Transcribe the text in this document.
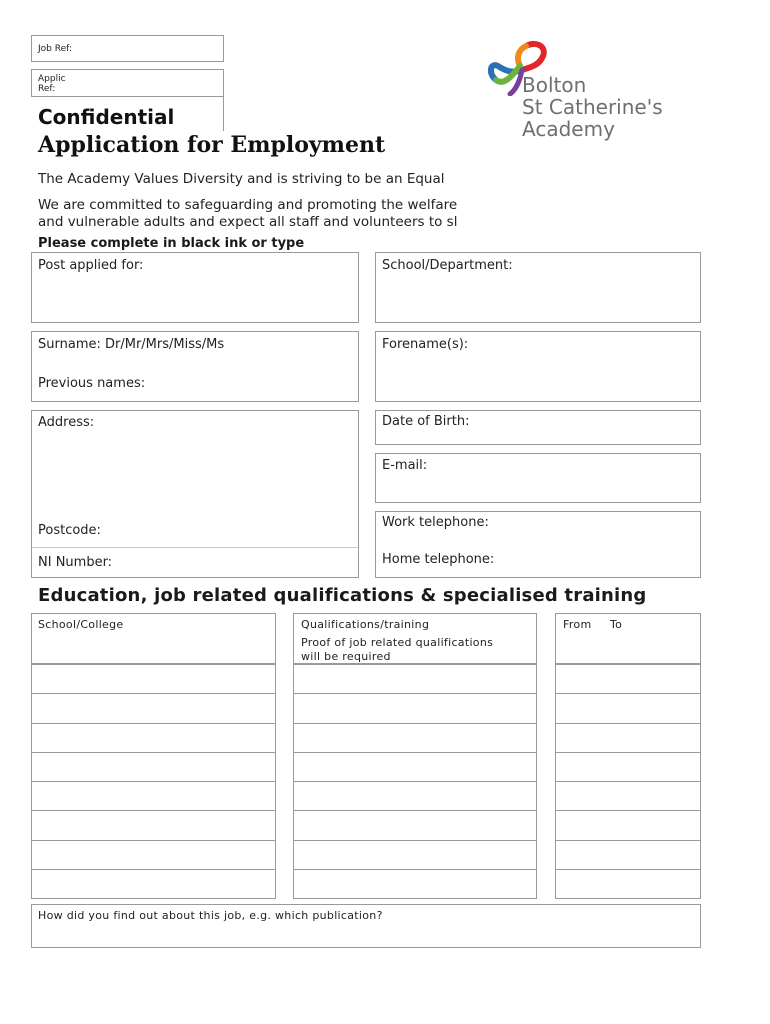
Job Ref:
Applic
Ref:
Confidential
Application for Employment
Bolton
St Catherine's
Academy
The Academy Values Diversity and is striving to be an Equal
We are committed to safeguarding and promoting the welfare
and vulnerable adults and expect all staff and volunteers to sl
Please complete in black ink or type
Post applied for:	School/Department:
Surname: Dr/Mr/Mrs/Miss/Ms
Previous names:
Forename(s):
Address:
Postcode:
NI Number:
Date of Birth:
E-mail:
Work telephone:
Home telephone:
Education, job related qualifications & specialised training
School/College	Qualifications/training
Proof of job related qualifications
will be required
From To
How did you find out about this job, e.g. which publication?
